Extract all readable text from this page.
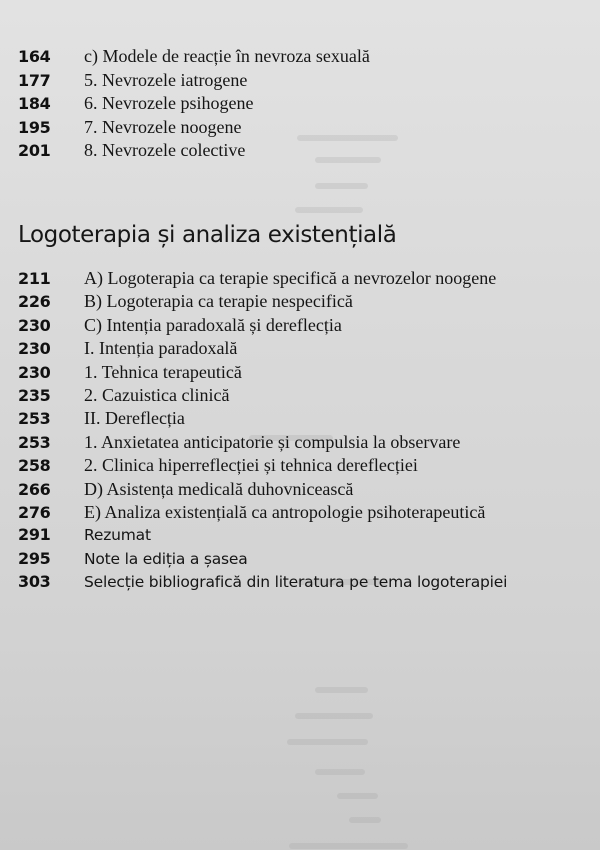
164	c) Modele de reacție în nevroza sexuală
177	5. Nevrozele iatrogene
184	6. Nevrozele psihogene
195	7. Nevrozele noogene
201	8. Nevrozele colective
Logoterapia și analiza existențială
211	A) Logoterapia ca terapie specifică a nevrozelor noogene
226	B) Logoterapia ca terapie nespecifică
230	C) Intenția paradoxală și dereflecția
230	I. Intenția paradoxală
230	1. Tehnica terapeutică
235	2. Cazuistica clinică
253	II. Dereflecția
253	1. Anxietatea anticipatorie și compulsia la observare
258	2. Clinica hiperreflecției și tehnica dereflecției
266	D) Asistența medicală duhovnicească
276	E) Analiza existențială ca antropologie psihoterapeutică
291	Rezumat
295	Note la ediția a șasea
303	Selecție bibliografică din literatura pe tema logoterapiei
